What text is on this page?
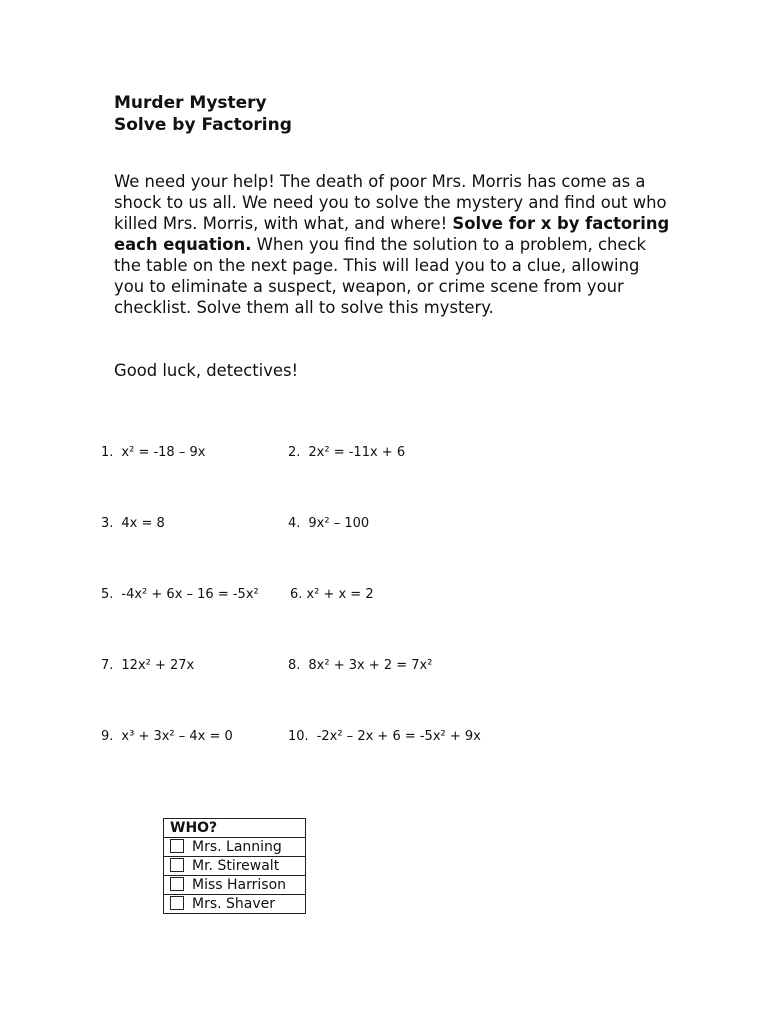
Murder Mystery
Solve by Factoring
We need your help! The death of poor Mrs. Morris has come as a shock to us all. We need you to solve the mystery and find out who killed Mrs. Morris, with what, and where! Solve for x by factoring each equation. When you find the solution to a problem, check the table on the next page. This will lead you to a clue, allowing you to eliminate a suspect, weapon, or crime scene from your checklist. Solve them all to solve this mystery.
Good luck, detectives!
1. x² = -18 – 9x	2. 2x² = -11x + 6
3. 4x = 8	4. 9x² – 100
5. -4x² + 6x – 16 = -5x² 6. x² + x = 2
7. 12x² + 27x	8. 8x² + 3x + 2 = 7x²
9. x³ + 3x² – 4x = 0	10. -2x² – 2x + 6 = -5x² + 9x
WHO?
Mrs. Lanning
Mr. Stirewalt
Miss Harrison
Mrs. Shaver
